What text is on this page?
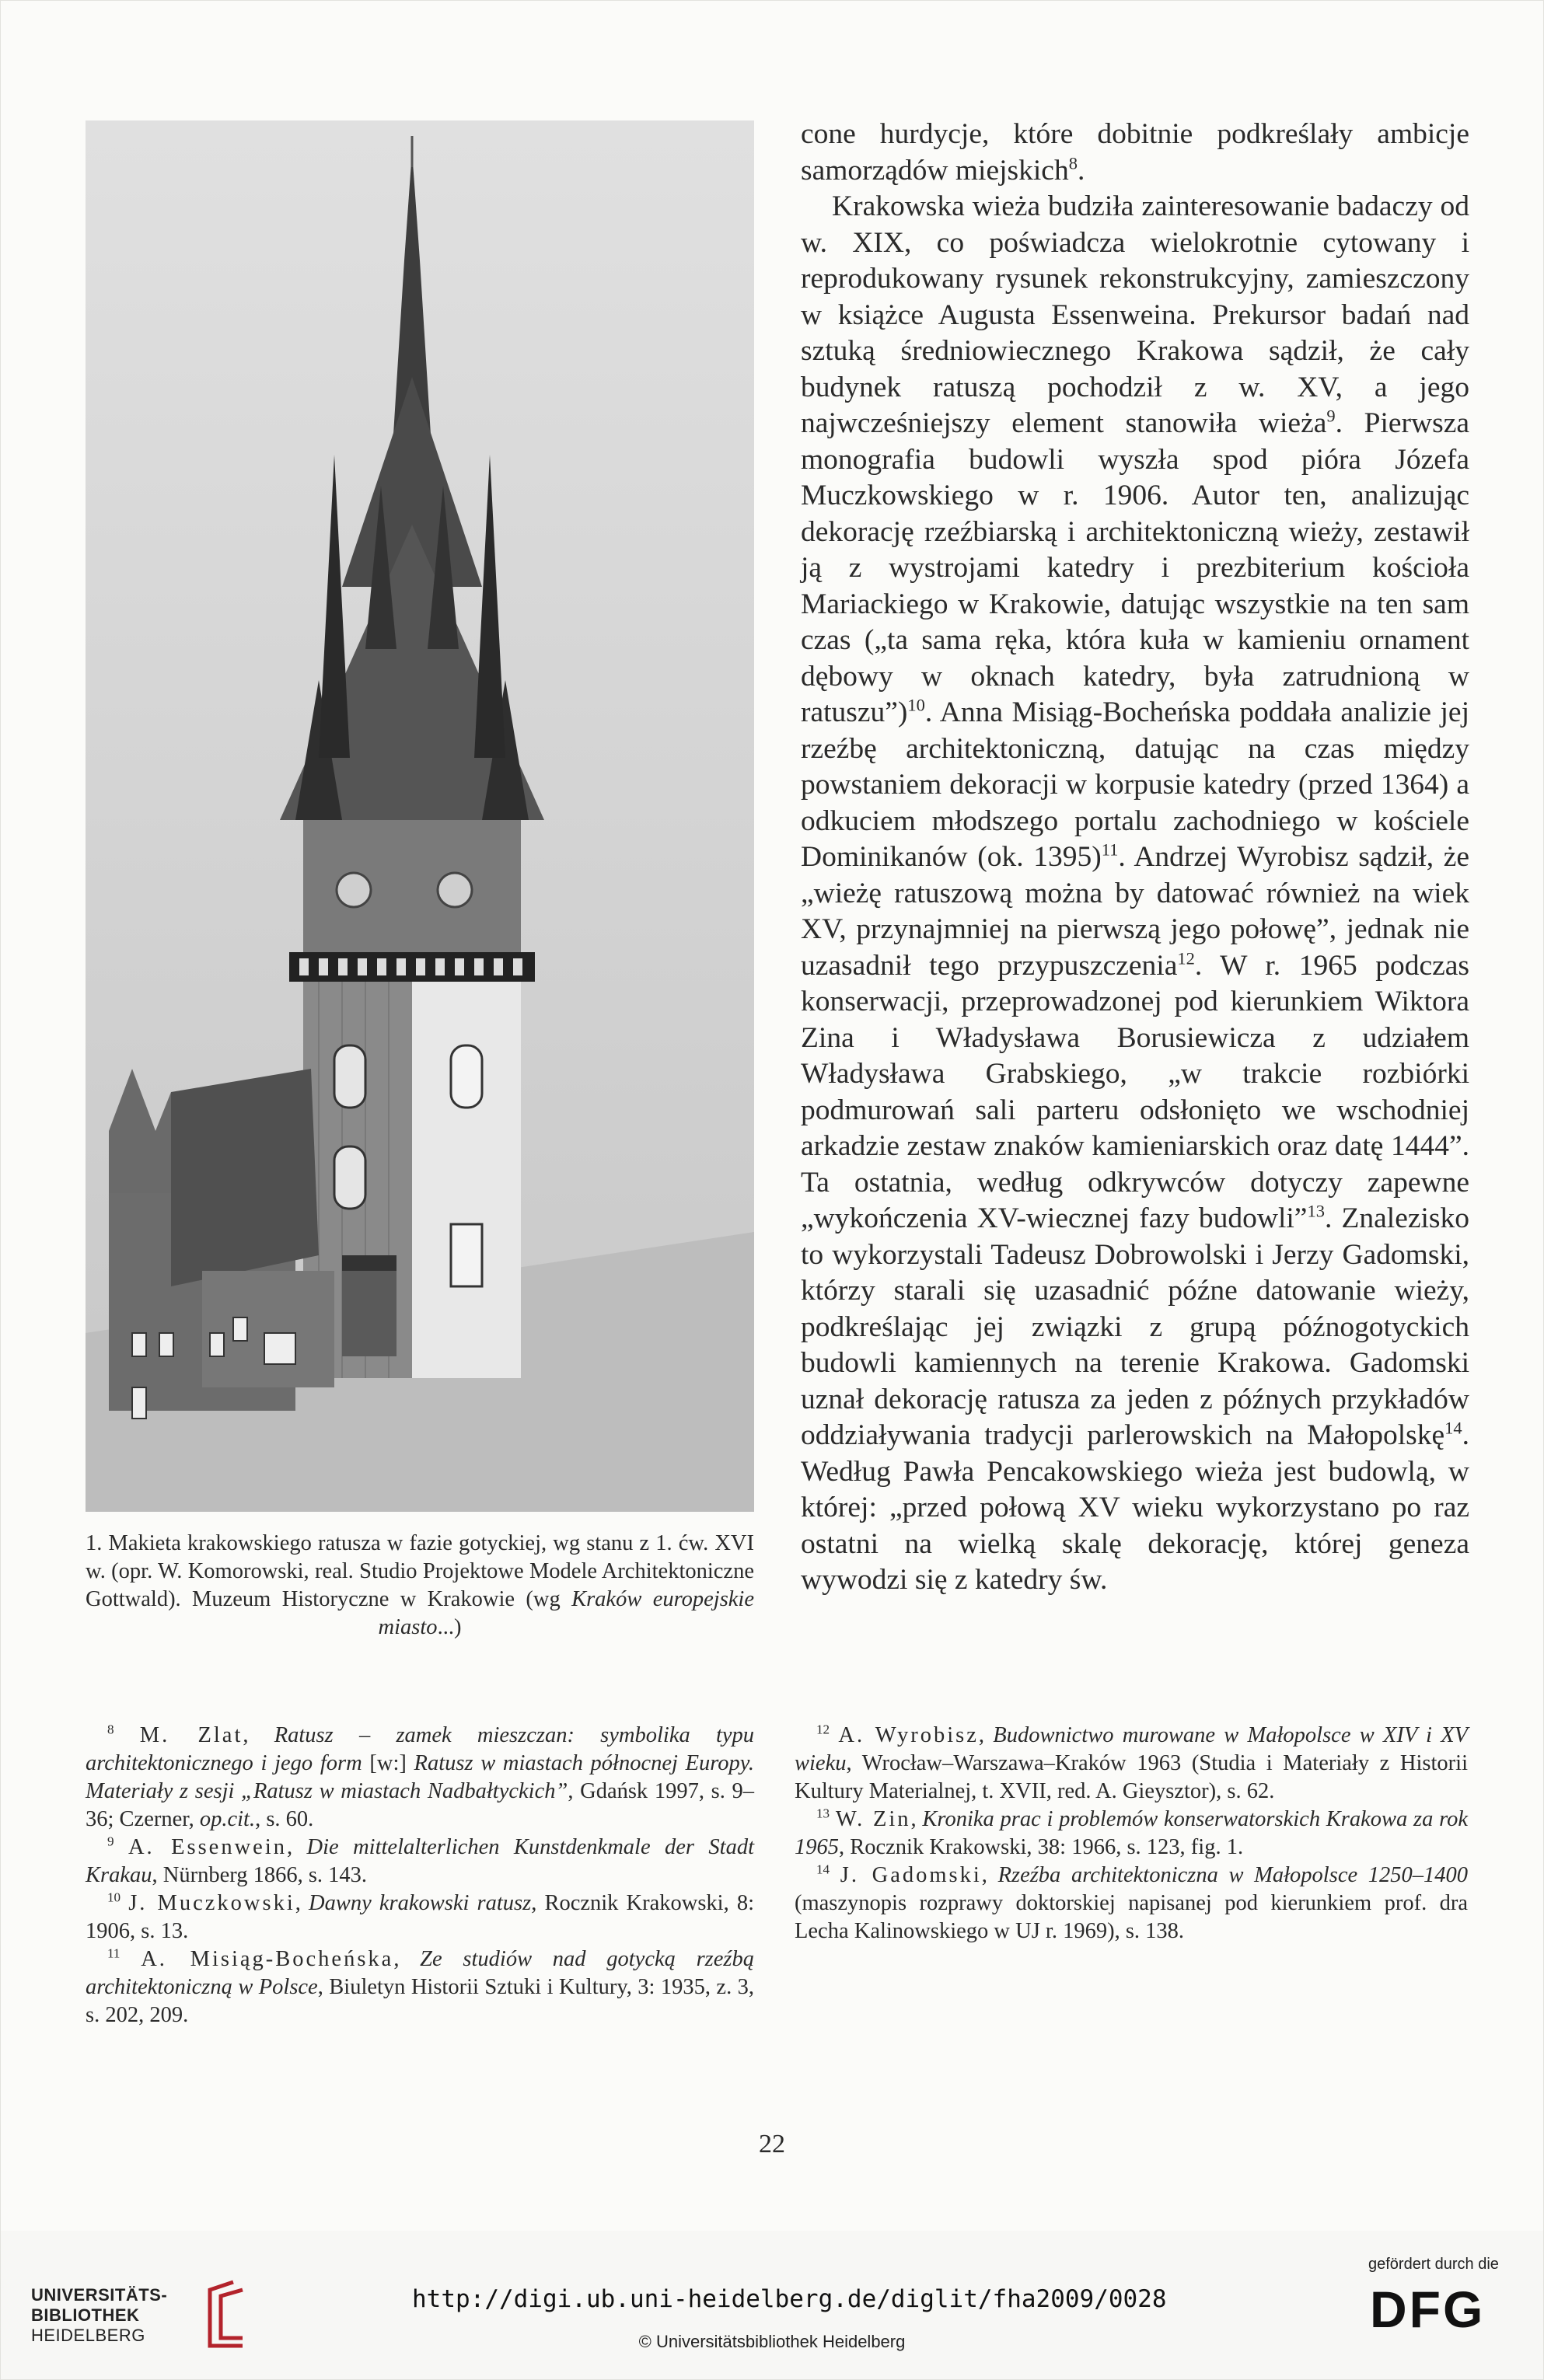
1. Makieta krakowskiego ratusza w fazie gotyckiej, wg stanu z 1. ćw. XVI w. (opr. W. Komorowski, real. Studio Projektowe Modele Architektoniczne Gottwald). Muzeum Historyczne w Krakowie (wg Kraków europejskie miasto...)

cone hurdycje, które dobitnie podkreślały ambicje samorządów miejskich$^8$.

Krakowska wieża budziła zainteresowanie badaczy od w. XIX, co poświadcza wielokrotnie cytowany i reprodukowany rysunek rekonstrukcyjny, zamieszczony w książce Augusta Essenweina. Prekursor badań nad sztuką średniowiecznego Krakowa sądził, że cały budynek ratuszą pochodził z w. XV, a jego najwcześniejszy element stanowiła wieża$^9$. Pierwsza monografia budowli wyszła spod pióra Józefa Muczkowskiego w r. 1906. Autor ten, analizując dekorację rzeźbiarską i architektoniczną wieży, zestawił ją z wystrojami katedry i prezbiterium kościoła Mariackiego w Krakowie, datując wszystkie na ten sam czas („ta sama ręka, która kuła w kamieniu ornament dębowy w oknach katedry, była zatrudnioną w ratuszu”)$^{10}$. Anna Misiąg-Bocheńska poddała analizie jej rzeźbę architektoniczną, datując na czas między powstaniem dekoracji w korpusie katedry (przed 1364) a odkuciem młodszego portalu zachodniego w kościele Dominikanów (ok. 1395)$^{11}$. Andrzej Wyrobisz sądził, że „wieżę ratuszową można by datować również na wiek XV, przynajmniej na pierwszą jego połowę”, jednak nie uzasadnił tego przypuszczenia$^{12}$. W r. 1965 podczas konserwacji, przeprowadzonej pod kierunkiem Wiktora Zina i Władysława Borusiewicza z udziałem Władysława Grabskiego, „w trakcie rozbiórki podmurowań sali parteru odsłonięto we wschodniej arkadzie zestaw znaków kamieniarskich oraz datę 1444”. Ta ostatnia, według odkrywców dotyczy zapewne „wykończenia XV-wiecznej fazy budowli”$^{13}$. Znalezisko to wykorzystali Tadeusz Dobrowolski i Jerzy Gadomski, którzy starali się uzasadnić późne datowanie wieży, podkreślając jej związki z grupą późnogotyckich budowli kamiennych na terenie Krakowa. Gadomski uznał dekorację ratusza za jeden z późnych przykładów oddziaływania tradycji parlerowskich na Małopolskę$^{14}$. Według Pawła Pencakowskiego wieża jest budowlą, w której: „przed połową XV wieku wykorzystano po raz ostatni na wielką skalę dekorację, której geneza wywodzi się z katedry św.

$^8$ M. Zlat, Ratusz – zamek mieszczan: symbolika typu architektonicznego i jego form [w:] Ratusz w miastach północnej Europy. Materiały z sesji „Ratusz w miastach Nadbałtyckich”, Gdańsk 1997, s. 9–36; Czerner, op.cit., s. 60.

$^9$ A. Essenwein, Die mittelalterlichen Kunstdenkmale der Stadt Krakau, Nürnberg 1866, s. 143.

$^{10}$ J. Muczkowski, Dawny krakowski ratusz, Rocznik Krakowski, 8: 1906, s. 13.

$^{11}$ A. Misiąg-Bocheńska, Ze studiów nad gotycką rzeźbą architektoniczną w Polsce, Biuletyn Historii Sztuki i Kultury, 3: 1935, z. 3, s. 202, 209.

$^{12}$ A. Wyrobisz, Budownictwo murowane w Małopolsce w XIV i XV wieku, Wrocław–Warszawa–Kraków 1963 (Studia i Materiały z Historii Kultury Materialnej, t. XVII, red. A. Gieysztor), s. 62.

$^{13}$ W. Zin, Kronika prac i problemów konserwatorskich Krakowa za rok 1965, Rocznik Krakowski, 38: 1966, s. 123, fig. 1.

$^{14}$ J. Gadomski, Rzeźba architektoniczna w Małopolsce 1250–1400 (maszynopis rozprawy doktorskiej napisanej pod kierunkiem prof. dra Lecha Kalinowskiego w UJ r. 1969), s. 138.

22
UNIVERSITÄTS-
BIBLIOTHEK
HEIDELBERG
http://digi.ub.uni-heidelberg.de/diglit/fha2009/0028
© Universitätsbibliothek Heidelberg
gefördert durch die
DFG
